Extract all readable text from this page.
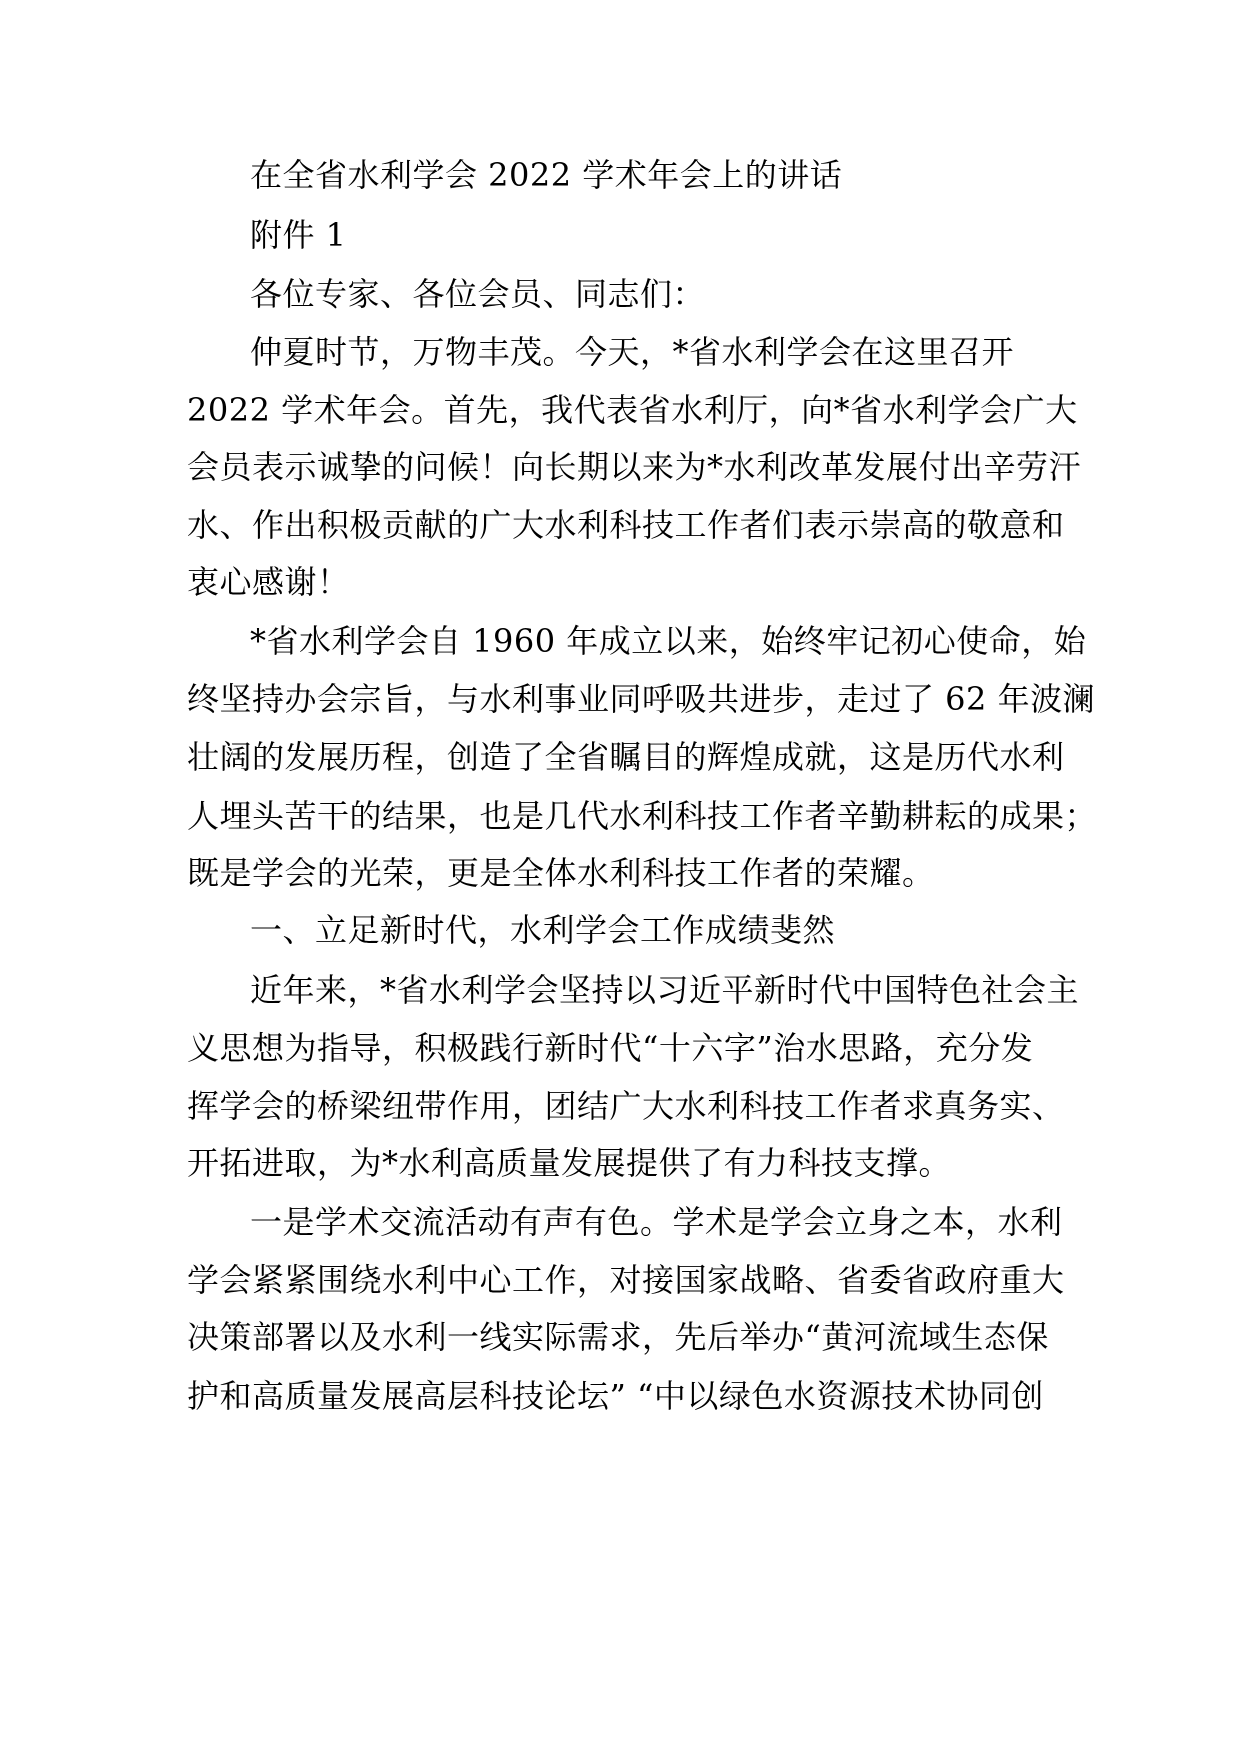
在全省水利学会 2022 学术年会上的讲话
附件 1
各位专家、各位会员、同志们：
仲夏时节，万物丰茂。今天，*省水利学会在这里召开
2022 学术年会。首先，我代表省水利厅，向*省水利学会广大
会员表示诚挚的问候！向长期以来为*水利改革发展付出辛劳汗
水、作出积极贡献的广大水利科技工作者们表示崇高的敬意和
衷心感谢！
*省水利学会自 1960 年成立以来，始终牢记初心使命，始
终坚持办会宗旨，与水利事业同呼吸共进步，走过了 62 年波澜
壮阔的发展历程，创造了全省瞩目的辉煌成就，这是历代水利
人埋头苦干的结果，也是几代水利科技工作者辛勤耕耘的成果；
既是学会的光荣，更是全体水利科技工作者的荣耀。
一、立足新时代，水利学会工作成绩斐然
近年来，*省水利学会坚持以习近平新时代中国特色社会主
义思想为指导，积极践行新时代“十六字”治水思路，充分发
挥学会的桥梁纽带作用，团结广大水利科技工作者求真务实、
开拓进取，为*水利高质量发展提供了有力科技支撑。
一是学术交流活动有声有色。学术是学会立身之本，水利
学会紧紧围绕水利中心工作，对接国家战略、省委省政府重大
决策部署以及水利一线实际需求，先后举办“黄河流域生态保
护和高质量发展高层科技论坛” “中以绿色水资源技术协同创
